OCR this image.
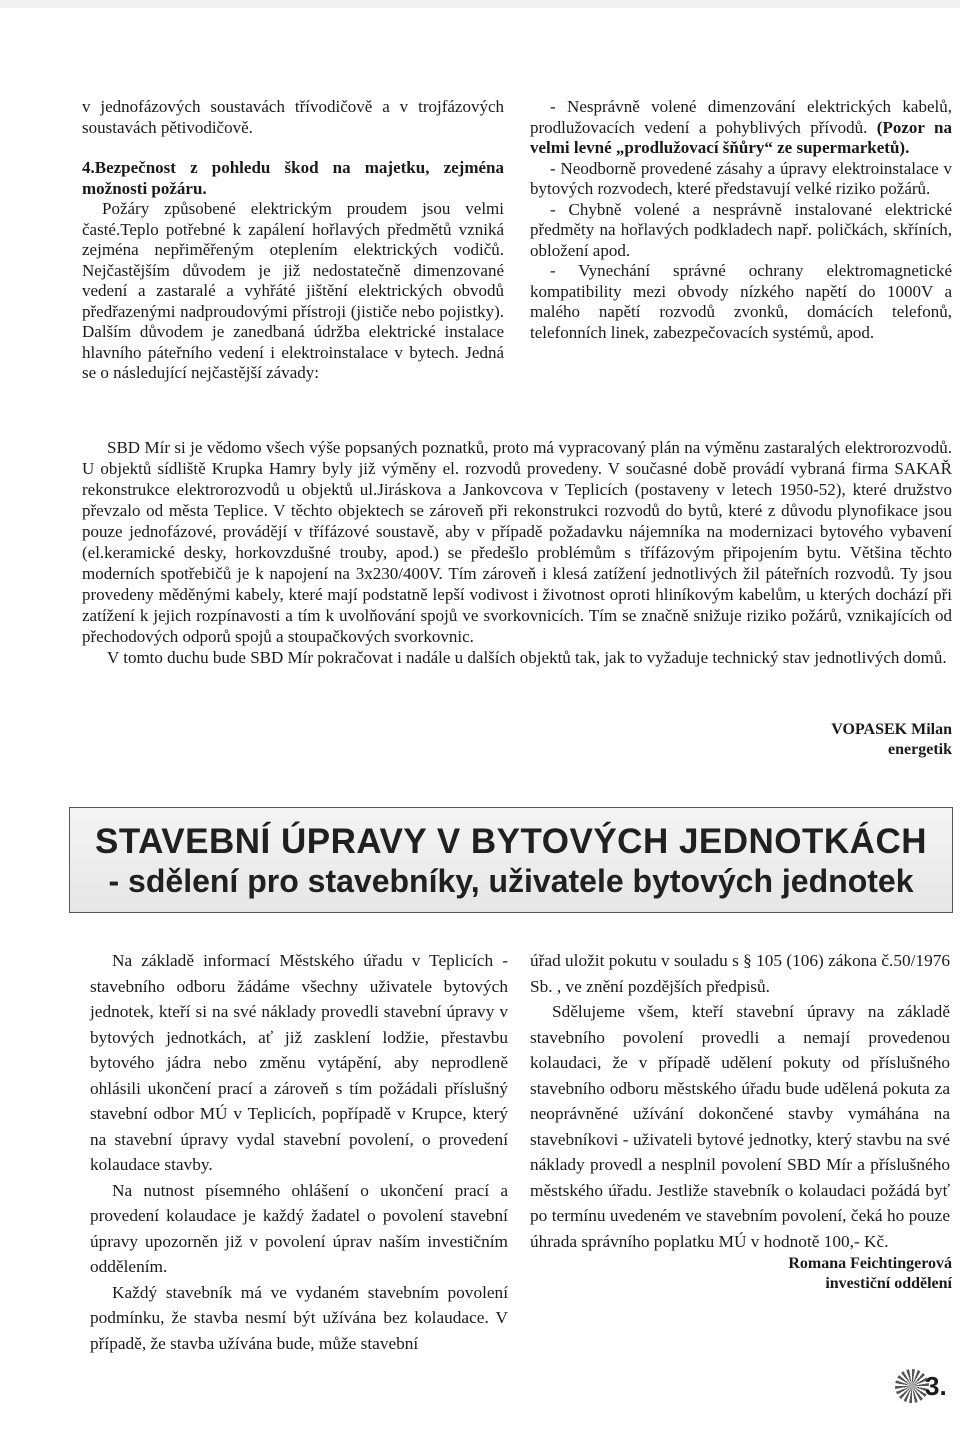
v jednofázových soustavách třívodičově a v trojfázových soustavách pětivodičově.

4.Bezpečnost z pohledu škod na majetku, zejména možnosti požáru.

Požáry způsobené elektrickým proudem jsou velmi časté.Teplo potřebné k zapálení hořlavých předmětů vzniká zejména nepřiměřeným oteplením elektrických vodičů. Nejčastějším důvodem je již nedostatečně dimenzované vedení a zastaralé a vyhřáté jištění elektrických obvodů předřazenými nadproudovými přístroji (jističe nebo pojistky). Dalším důvodem je zanedbaná údržba elektrické instalace hlavního páteřního vedení i elektroinstalace v bytech. Jedná se o následující nejčastější závady:

- Nesprávně volené dimenzování elektrických kabelů, prodlužovacích vedení a pohyblivých přívodů. (Pozor na velmi levné „prodlužovací šňůry“ ze supermarketů).

- Neodborně provedené zásahy a úpravy elektroinstalace v bytových rozvodech, které představují velké riziko požárů.

- Chybně volené a nesprávně instalované elektrické předměty na hořlavých podkladech např. poličkách, skříních, obložení apod.

- Vynechání správné ochrany elektromagnetické kompatibility mezi obvody nízkého napětí do 1000V a malého napětí rozvodů zvonků, domácích telefonů, telefonních linek, zabezpečovacích systémů, apod.

SBD Mír si je vědomo všech výše popsaných poznatků, proto má vypracovaný plán na výměnu zastaralých elektrorozvodů. U objektů sídliště Krupka Hamry byly již výměny el. rozvodů provedeny. V současné době provádí vybraná firma SAKAŘ rekonstrukce elektrorozvodů u objektů ul.Jiráskova a Jankovcova v Teplicích (postaveny v letech 1950-52), které družstvo převzalo od města Teplice. V těchto objektech se zároveň při rekonstrukci rozvodů do bytů, které z důvodu plynofikace jsou pouze jednofázové, provádějí v třífázové soustavě, aby v případě požadavku nájemníka na modernizaci bytového vybavení (el.keramické desky, horkovzdušné trouby, apod.) se předešlo problémům s třífázovým připojením bytu. Většina těchto moderních spotřebičů je k napojení na 3x230/400V. Tím zároveň i klesá zatížení jednotlivých žil páteřních rozvodů. Ty jsou provedeny měděnými kabely, které mají podstatně lepší vodivost i životnost oproti hliníkovým kabelům, u kterých dochází při zatížení k jejich rozpínavosti a tím k uvolňování spojů ve svorkovnicích. Tím se značně snižuje riziko požárů, vznikajících od přechodových odporů spojů a stoupačkových svorkovnic.

V tomto duchu bude SBD Mír pokračovat i nadále u dalších objektů tak, jak to vyžaduje technický stav jednotlivých domů.

VOPASEK Milan

energetik

STAVEBNÍ ÚPRAVY V BYTOVÝCH JEDNOTKÁCH
- sdělení pro stavebníky, uživatele bytových jednotek

Na základě informací Městského úřadu v Teplicích - stavebního odboru žádáme všechny uživatele bytových jednotek, kteří si na své náklady provedli stavební úpravy v bytových jednotkách, ať již zasklení lodžie, přestavbu bytového jádra nebo změnu vytápění, aby neprodleně ohlásili ukončení prací a zároveň s tím požádali příslušný stavební odbor MÚ v Teplicích, popřípadě v Krupce, který na stavební úpravy vydal stavební povolení, o provedení kolaudace stavby.

Na nutnost písemného ohlášení o ukončení prací a provedení kolaudace je každý žadatel o povolení stavební úpravy upozorněn již v povolení úprav naším investičním oddělením.

Každý stavebník má ve vydaném stavebním povolení podmínku, že stavba nesmí být užívána bez kolaudace. V případě, že stavba užívána bude, může stavební

úřad uložit pokutu v souladu s § 105 (106) zákona č.50/1976 Sb. , ve znění pozdějších předpisů.

Sdělujeme všem, kteří stavební úpravy na základě stavebního povolení provedli a nemají provedenou kolaudaci, že v případě udělení pokuty od příslušného stavebního odboru městského úřadu bude udělená pokuta za neoprávněné užívání dokončené stavby vymáhána na stavebníkovi - uživateli bytové jednotky, který stavbu na své náklady provedl a nesplnil povolení SBD Mír a příslušného městského úřadu. Jestliže stavebník o kolaudaci požádá byť po termínu uvedeném ve stavebním povolení, čeká ho pouze úhrada správního poplatku MÚ v hodnotě 100,- Kč.

Romana Feichtingerová

investiční oddělení

3.
